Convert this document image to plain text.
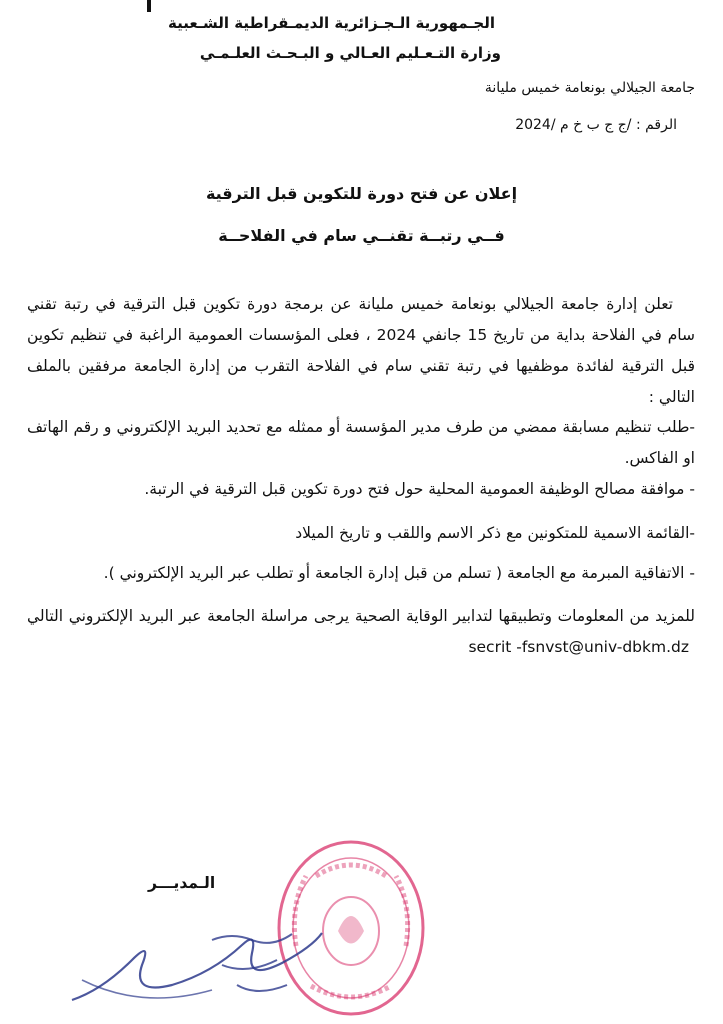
الجـمهورية الـجـزائرية الديمـقراطية الشـعبية
وزارة التـعـليم العـالي و البـحـث العلـمـي
جامعة الجيلالي بونعامة خميس مليانة
الرقم : /ج ج ب خ م /2024
إعلان عن فتح دورة للتكوين قبل الترقية
فــي رتبــة تقنــي سام في الفلاحــة
تعلن إدارة جامعة الجيلالي بونعامة خميس مليانة عن برمجة دورة تكوين قبل الترقية في رتبة تقني سام في الفلاحة بداية من تاريخ 15 جانفي 2024 ، فعلى المؤسسات العمومية الراغبة في تنظيم تكوين قبل الترقية لفائدة موظفيها في رتبة تقني سام في الفلاحة التقرب من إدارة الجامعة مرفقين بالملف التالي :
-طلب تنظيم مسابقة ممضي من طرف مدير المؤسسة أو ممثله مع تحديد البريد الإلكتروني و رقم الهاتف او الفاكس.
- موافقة مصالح الوظيفة العمومية المحلية حول فتح دورة تكوين قبل الترقية في الرتبة.
-القائمة الاسمية للمتكونين مع ذكر الاسم واللقب و تاريخ الميلاد
- الاتفاقية المبرمة مع الجامعة ( تسلم من قبل إدارة الجامعة أو تطلب عبر البريد الإلكتروني ).
للمزيد من المعلومات وتطبيقها لتدابير الوقاية الصحية يرجى مراسلة الجامعة عبر البريد الإلكتروني التالي secrit -fsnvst@univ-dbkm.dz
الـمديـــر
